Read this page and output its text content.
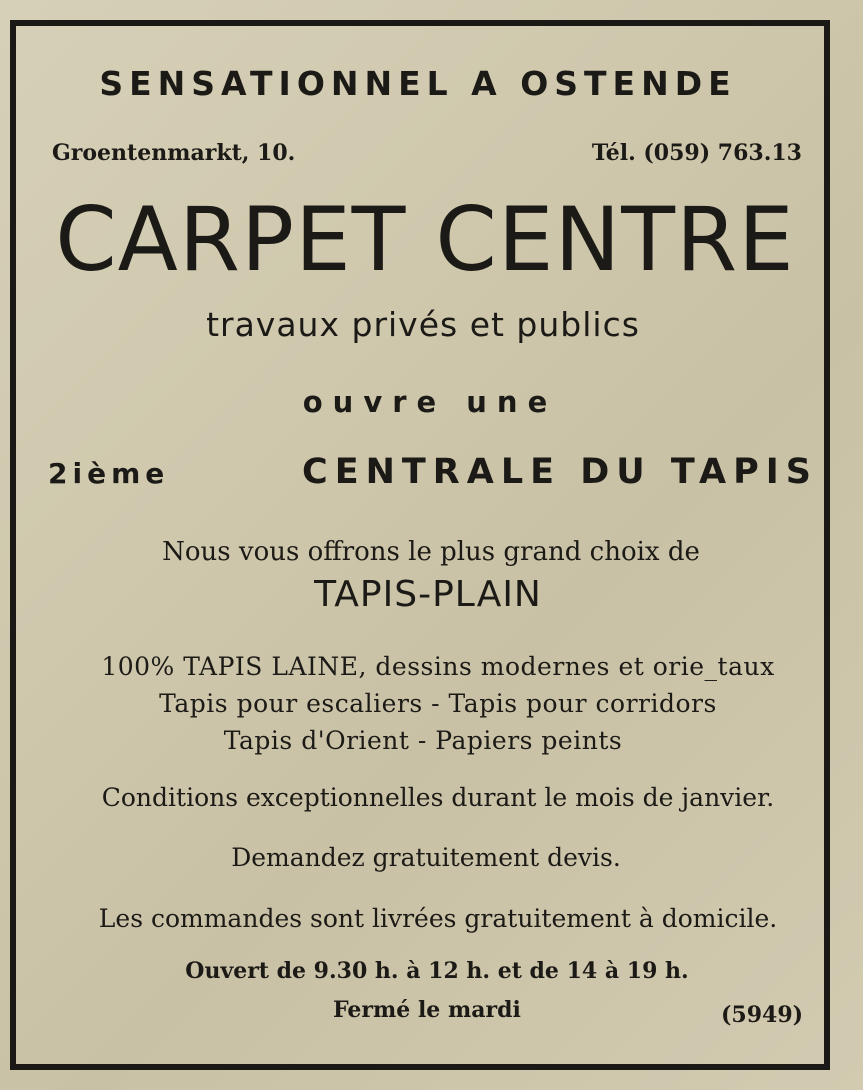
SENSATIONNEL A OSTENDE
Groentenmarkt, 10.	Tél. (059) 763.13
CARPET CENTRE
travaux privés et publics
ouvre une
2ième	CENTRALE DU TAPIS
Nous vous offrons le plus grand choix de
TAPIS-PLAIN
100% TAPIS LAINE, dessins modernes et orie_taux
Tapis pour escaliers - Tapis pour corridors
Tapis d'Orient - Papiers peints
Conditions exceptionnelles durant le mois de janvier.
Demandez gratuitement devis.
Les commandes sont livrées gratuitement à domicile.
Ouvert de 9.30 h. à 12 h. et de 14 à 19 h.
Fermé le mardi	(5949)
